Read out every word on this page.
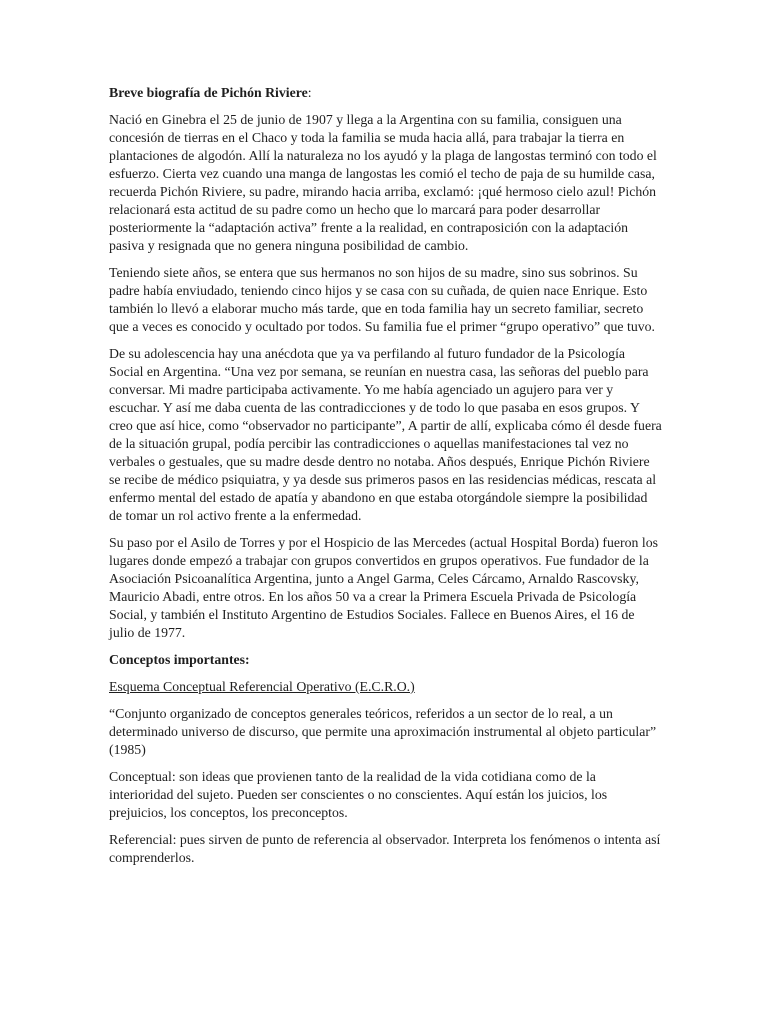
Breve biografía de Pichón Riviere:

Nació en Ginebra el 25 de junio de 1907 y llega a la Argentina con su familia, consiguen una concesión de tierras en el Chaco y toda la familia se muda hacia allá, para trabajar la tierra en plantaciones de algodón. Allí la naturaleza no los ayudó y la plaga de langostas terminó con todo el esfuerzo. Cierta vez cuando una manga de langostas les comió el techo de paja de su humilde casa, recuerda Pichón Riviere, su padre, mirando hacia arriba, exclamó: ¡qué hermoso cielo azul! Pichón relacionará esta actitud de su padre como un hecho que lo marcará para poder desarrollar posteriormente la “adaptación activa” frente a la realidad, en contraposición con la adaptación pasiva y resignada que no genera ninguna posibilidad de cambio.

Teniendo siete años, se entera que sus hermanos no son hijos de su madre, sino sus sobrinos. Su padre había enviudado, teniendo cinco hijos y se casa con su cuñada, de quien nace Enrique. Esto también lo llevó a elaborar mucho más tarde, que en toda familia hay un secreto familiar, secreto que a veces es conocido y ocultado por todos. Su familia fue el primer “grupo operativo” que tuvo.

De su adolescencia hay una anécdota que ya va perfilando al futuro fundador de la Psicología Social en Argentina. “Una vez por semana, se reunían en nuestra casa, las señoras del pueblo para conversar. Mi madre participaba activamente. Yo me había agenciado un agujero para ver y escuchar. Y así me daba cuenta de las contradicciones y de todo lo que pasaba en esos grupos. Y creo que así hice, como “observador no participante”, A partir de allí, explicaba cómo él desde fuera de la situación grupal, podía percibir las contradicciones o aquellas manifestaciones tal vez no verbales o gestuales, que su madre desde dentro no notaba. Años después, Enrique Pichón Riviere se recibe de médico psiquiatra, y ya desde sus primeros pasos en las residencias médicas, rescata al enfermo mental del estado de apatía y abandono en que estaba otorgándole siempre la posibilidad de tomar un rol activo frente a la enfermedad.

Su paso por el Asilo de Torres y por el Hospicio de las Mercedes (actual Hospital Borda) fueron los lugares donde empezó a trabajar con grupos convertidos en grupos operativos. Fue fundador de la Asociación Psicoanalítica Argentina, junto a Angel Garma, Celes Cárcamo, Arnaldo Rascovsky, Mauricio Abadi, entre otros. En los años 50 va a crear la Primera Escuela Privada de Psicología Social, y también el Instituto Argentino de Estudios Sociales. Fallece en Buenos Aires, el 16 de julio de 1977.

Conceptos importantes:

Esquema Conceptual Referencial Operativo (E.C.R.O.)

“Conjunto organizado de conceptos generales teóricos, referidos a un sector de lo real, a un determinado universo de discurso, que permite una aproximación instrumental al objeto particular” (1985)

Conceptual: son ideas que provienen tanto de la realidad de la vida cotidiana como de la interioridad del sujeto. Pueden ser conscientes o no conscientes. Aquí están los juicios, los prejuicios, los conceptos, los preconceptos.

Referencial: pues sirven de punto de referencia al observador. Interpreta los fenómenos o intenta así comprenderlos.
